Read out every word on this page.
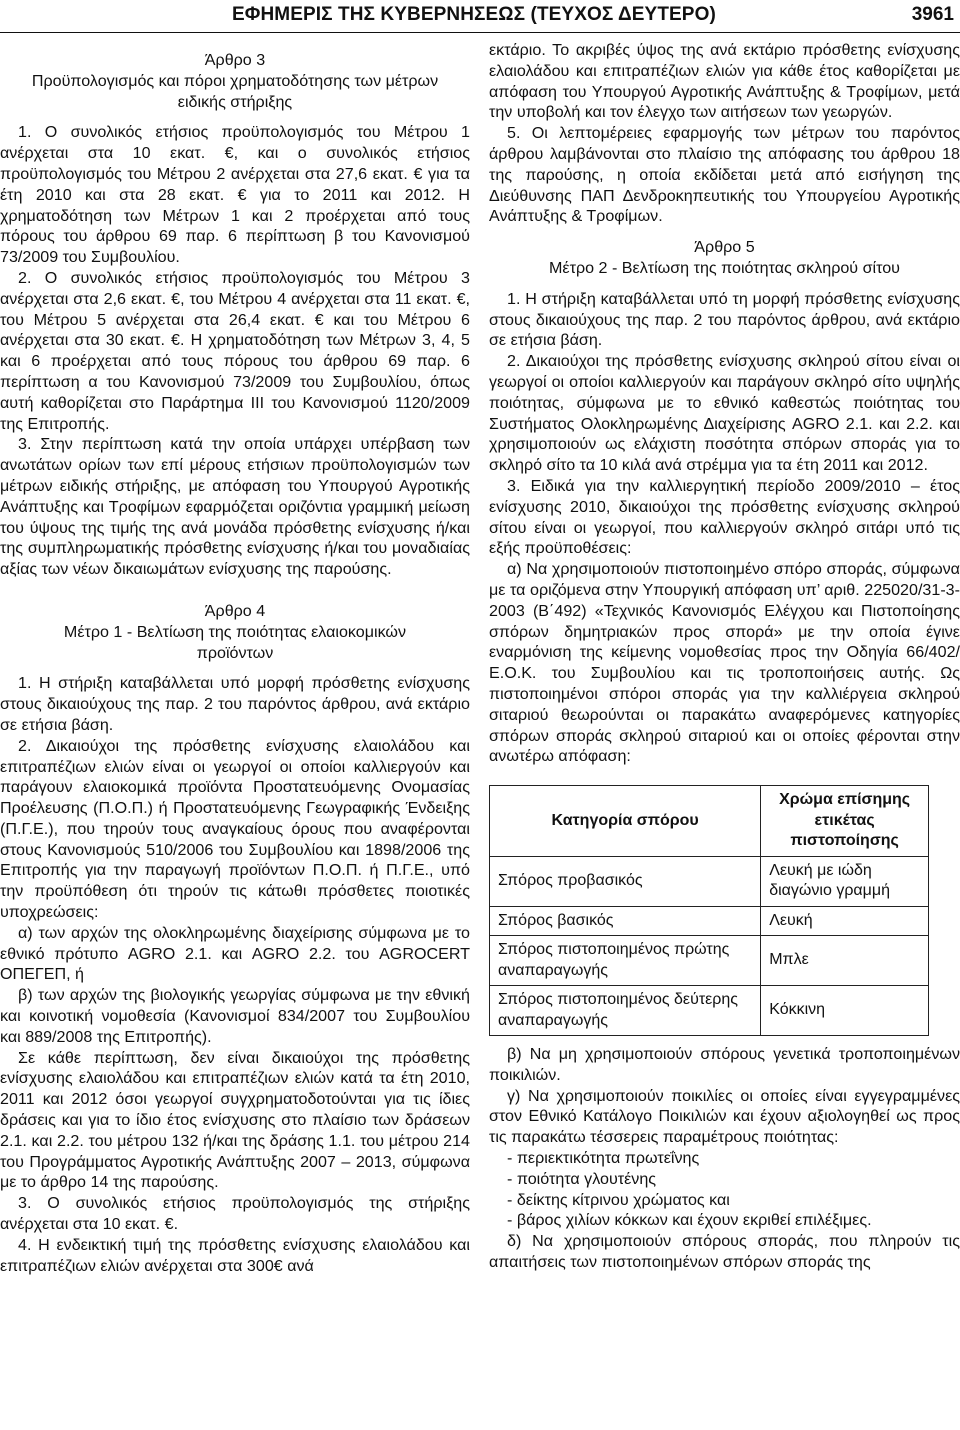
ΕΦΗΜΕΡΙΣ ΤΗΣ ΚΥΒΕΡΝΗΣΕΩΣ (ΤΕΥΧΟΣ ΔΕΥΤΕΡΟ)	3961

Άρθρο 3

Προϋπολογισμός και πόροι χρηματοδότησης των μέτρων ειδικής στήριξης

1. Ο συνολικός ετήσιος προϋπολογισμός του Μέτρου 1 ανέρχεται στα 10 εκατ. €, και ο συνολικός ετήσιος προϋπολογισμός του Μέτρου 2 ανέρχεται στα 27,6 εκατ. € για τα έτη 2010 και στα 28 εκατ. € για το 2011 και 2012. Η χρηματοδότηση των Μέτρων 1 και 2 προέρχεται από τους πόρους του άρθρου 69 παρ. 6 περίπτωση β του Κανονισμού 73/2009 του Συμβουλίου.

2. Ο συνολικός ετήσιος προϋπολογισμός του Μέτρου 3 ανέρχεται στα 2,6 εκατ. €, του Μέτρου 4 ανέρχεται στα 11 εκατ. €, του Μέτρου 5 ανέρχεται στα 26,4 εκατ. € και του Μέτρου 6 ανέρχεται στα 30 εκατ. €. Η χρηματοδότηση των Μέτρων 3, 4, 5 και 6 προέρχεται από τους πόρους του άρθρου 69 παρ. 6 περίπτωση α του Κανονισμού 73/2009 του Συμβουλίου, όπως αυτή καθορίζεται στο Παράρτημα ΙΙΙ του Κανονισμού 1120/2009 της Επιτροπής.

3. Στην περίπτωση κατά την οποία υπάρχει υπέρβαση των ανωτάτων ορίων των επί μέρους ετήσιων προϋπολογισμών των μέτρων ειδικής στήριξης, με απόφαση του Υπουργού Αγροτικής Ανάπτυξης και Τροφίμων εφαρμόζεται οριζόντια γραμμική μείωση του ύψους της τιμής της ανά μονάδα πρόσθετης ενίσχυσης ή/και της συμπληρωματικής πρόσθετης ενίσχυσης ή/και του μοναδιαίας αξίας των νέων δικαιωμάτων ενίσχυσης της παρούσης.

Άρθρο 4

Μέτρο 1 - Βελτίωση της ποιότητας ελαιοκομικών προϊόντων

1. Η στήριξη καταβάλλεται υπό μορφή πρόσθετης ενίσχυσης στους δικαιούχους της παρ. 2 του παρόντος άρθρου, ανά εκτάριο σε ετήσια βάση.

2. Δικαιούχοι της πρόσθετης ενίσχυσης ελαιολάδου και επιτραπέζιων ελιών είναι οι γεωργοί οι οποίοι καλλιεργούν και παράγουν ελαιοκομικά προϊόντα Προστατευόμενης Ονομασίας Προέλευσης (Π.Ο.Π.) ή Προστατευόμενης Γεωγραφικής Ένδειξης (Π.Γ.Ε.), που τηρούν τους αναγκαίους όρους που αναφέρονται στους Κανονισμούς 510/2006 του Συμβουλίου και 1898/2006 της Επιτροπής για την παραγωγή προϊόντων Π.Ο.Π. ή Π.Γ.Ε., υπό την προϋπόθεση ότι τηρούν τις κάτωθι πρόσθετες ποιοτικές υποχρεώσεις:

α) των αρχών της ολοκληρωμένης διαχείρισης σύμφωνα με το εθνικό πρότυπο AGRO 2.1. και AGRO 2.2. του AGROCERT ΟΠΕΓΕΠ, ή

β) των αρχών της βιολογικής γεωργίας σύμφωνα με την εθνική και κοινοτική νομοθεσία (Κανονισμοί 834/2007 του Συμβουλίου και 889/2008 της Επιτροπής).

Σε κάθε περίπτωση, δεν είναι δικαιούχοι της πρόσθετης ενίσχυσης ελαιολάδου και επιτραπέζιων ελιών κατά τα έτη 2010, 2011 και 2012 όσοι γεωργοί συγχρηματοδοτούνται για τις ίδιες δράσεις και για το ίδιο έτος ενίσχυσης στο πλαίσιο των δράσεων 2.1. και 2.2. του μέτρου 132 ή/και της δράσης 1.1. του μέτρου 214 του Προγράμματος Αγροτικής Ανάπτυξης 2007 – 2013, σύμφωνα με το άρθρο 14 της παρούσης.

3. Ο συνολικός ετήσιος προϋπολογισμός της στήριξης ανέρχεται στα 10 εκατ. €.

4. Η ενδεικτική τιμή της πρόσθετης ενίσχυσης ελαιολάδου και επιτραπέζιων ελιών ανέρχεται στα 300€ ανά

εκτάριο. Το ακριβές ύψος της ανά εκτάριο πρόσθετης ενίσχυσης ελαιολάδου και επιτραπέζιων ελιών για κάθε έτος καθορίζεται με απόφαση του Υπουργού Αγροτικής Ανάπτυξης & Τροφίμων, μετά την υποβολή και τον έλεγχο των αιτήσεων των γεωργών.

5. Οι λεπτομέρειες εφαρμογής των μέτρων του παρόντος άρθρου λαμβάνονται στο πλαίσιο της απόφασης του άρθρου 18 της παρούσης, η οποία εκδίδεται μετά από εισήγηση της Διεύθυνσης ΠΑΠ Δενδροκηπευτικής του Υπουργείου Αγροτικής Ανάπτυξης & Τροφίμων.

Άρθρο 5

Μέτρο 2 - Βελτίωση της ποιότητας σκληρού σίτου

1. Η στήριξη καταβάλλεται υπό τη μορφή πρόσθετης ενίσχυσης στους δικαιούχους της παρ. 2 του παρόντος άρθρου, ανά εκτάριο σε ετήσια βάση.

2. Δικαιούχοι της πρόσθετης ενίσχυσης σκληρού σίτου είναι οι γεωργοί οι οποίοι καλλιεργούν και παράγουν σκληρό σίτο υψηλής ποιότητας, σύμφωνα με το εθνικό καθεστώς ποιότητας του Συστήματος Ολοκληρωμένης Διαχείρισης AGRO 2.1. και 2.2. και χρησιμοποιούν ως ελάχιστη ποσότητα σπόρων σποράς για το σκληρό σίτο τα 10 κιλά ανά στρέμμα για τα έτη 2011 και 2012.

3. Ειδικά για την καλλιεργητική περίοδο 2009/2010 – έτος ενίσχυσης 2010, δικαιούχοι της πρόσθετης ενίσχυσης σκληρού σίτου είναι οι γεωργοί, που καλλιεργούν σκληρό σιτάρι υπό τις εξής προϋποθέσεις:

α) Να χρησιμοποιούν πιστοποιημένο σπόρο σποράς, σύμφωνα με τα οριζόμενα στην Υπουργική απόφαση υπ’ αριθ. 225020/31-3-2003 (Β΄492) «Τεχνικός Κανονισμός Ελέγχου και Πιστοποίησης σπόρων δημητριακών προς σπορά» με την οποία έγινε εναρμόνιση της κείμενης νομοθεσίας προς την Οδηγία 66/402/Ε.Ο.Κ. του Συμβουλίου και τις τροποποιήσεις αυτής. Ως πιστοποιημένοι σπόροι σποράς για την καλλιέργεια σκληρού σιταριού θεωρούνται οι παρακάτω αναφερόμενες κατηγορίες σπόρων σποράς σκληρού σιταριού και οι οποίες φέρονται στην ανωτέρω απόφαση:

Κατηγορία σπόρου	Χρώμα επίσημης ετικέτας πιστοποίησης
Σπόρος προβασικός	Λευκή με ιώδη διαγώνιο γραμμή
Σπόρος βασικός	Λευκή
Σπόρος πιστοποιημένος πρώτης αναπαραγωγής	Μπλε
Σπόρος πιστοποιημένος δεύτερης αναπαραγωγής	Κόκκινη

β) Να μη χρησιμοποιούν σπόρους γενετικά τροποποιημένων ποικιλιών.

γ) Να χρησιμοποιούν ποικιλίες οι οποίες είναι εγγεγραμμένες στον Εθνικό Κατάλογο Ποικιλιών και έχουν αξιολογηθεί ως προς τις παρακάτω τέσσερεις παραμέτρους ποιότητας:

- περιεκτικότητα πρωτεΐνης

- ποιότητα γλουτένης

- δείκτης κίτρινου χρώματος και

- βάρος χιλίων κόκκων και έχουν εκριθεί επιλέξιμες.

δ) Να χρησιμοποιούν σπόρους σποράς, που πληρούν τις απαιτήσεις των πιστοποιημένων σπόρων σποράς της
